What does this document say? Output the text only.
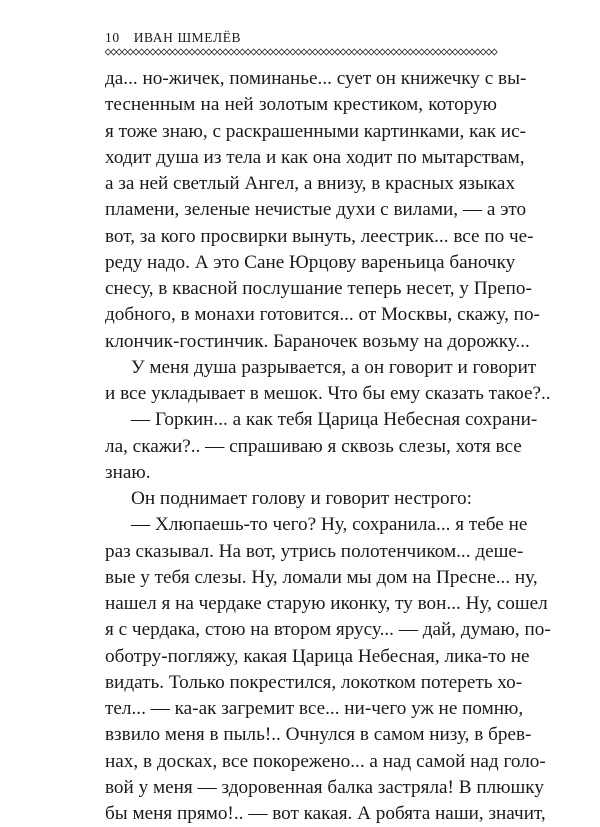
10 ИВАН ШМЕЛЁВ
да... но-жичек, поминанье... сует он книжечку с вы-
тесненным на ней золотым крестиком, которую
я тоже знаю, с раскрашенными картинками, как ис-
ходит душа из тела и как она ходит по мытарствам,
а за ней светлый Ангел, а внизу, в красных языках
пламени, зеленые нечистые духи с вилами, — а это
вот, за кого просвирки вынуть, леестрик... все по че-
реду надо. А это Сане Юрцову вареньица баночку
снесу, в квасной послушание теперь несет, у Препо-
добного, в монахи готовится... от Москвы, скажу, по-
клончик-гостинчик. Бараночек возьму на дорожку...
У меня душа разрывается, а он говорит и говорит
и все укладывает в мешок. Что бы ему сказать такое?..
— Горкин... а как тебя Царица Небесная сохрани-
ла, скажи?.. — спрашиваю я сквозь слезы, хотя все
знаю.
Он поднимает голову и говорит нестрого:
— Хлюпаешь-то чего? Ну, сохранила... я тебе не
раз сказывал. На вот, утрись полотенчиком... деше-
вые у тебя слезы. Ну, ломали мы дом на Пресне... ну,
нашел я на чердаке старую иконку, ту вон... Ну, сошел
я с чердака, стою на втором ярусу... — дай, думаю, по-
оботру-погляжу, какая Царица Небесная, лика-то не
видать. Только покрестился, локотком потереть хо-
тел... — ка-ак загремит все... ни-чего уж не помню,
взвило меня в пыль!.. Очнулся в самом низу, в брев-
нах, в досках, все покорежено... а над самой над голо-
вой у меня — здоровенная балка застряла! В плюшку
бы меня прямо!.. — вот какая. А робята наши, значит,
